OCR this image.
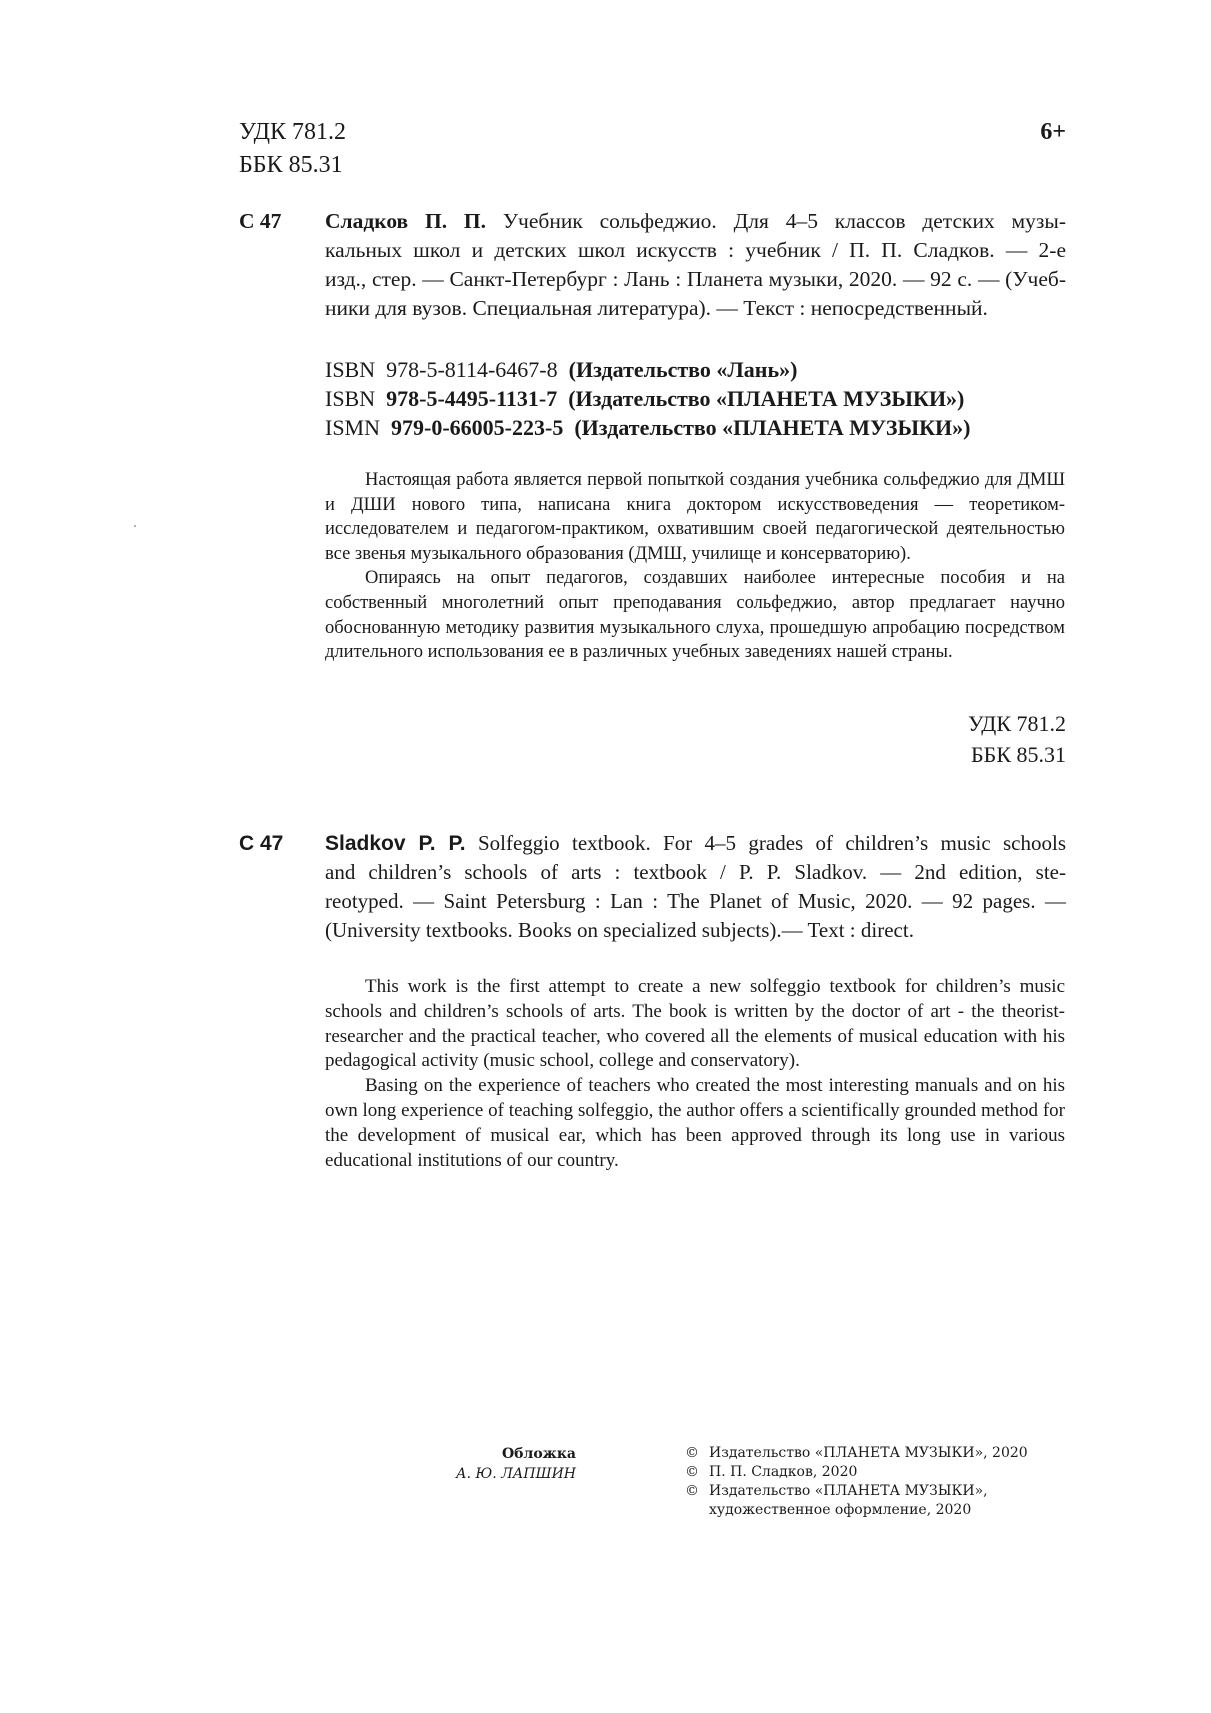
УДК 781.2
ББК 85.31
6+
С 47 Сладков П. П. Учебник сольфеджио. Для 4–5 классов детских музы-
кальных школ и детских школ искусств : учебник / П. П. Сладков. — 2-е
изд., стер. — Санкт-Петербург : Лань : Планета музыки, 2020. — 92 с. — (Учеб-
ники для вузов. Специальная литература). — Текст : непосредственный.
ISBN 978-5-8114-6467-8 (Издательство «Лань»)
ISBN 978-5-4495-1131-7 (Издательство «ПЛАНЕТА МУЗЫКИ»)
ISMN 979-0-66005-223-5 (Издательство «ПЛАНЕТА МУЗЫКИ»)

Настоящая работа является первой попыткой создания учебника сольфеджио для ДМШ и ДШИ нового типа, написана книга доктором искусствоведения — теоретиком-исследователем и педагогом-практиком, охватившим своей педагогической деятельностью все звенья музыкального образования (ДМШ, училище и консерваторию).

Опираясь на опыт педагогов, создавших наиболее интересные пособия и на собственный многолетний опыт преподавания сольфеджио, автор предлагает научно обоснованную методику развития музыкального слуха, прошедшую апробацию посредством длительного использования ее в различных учебных заведениях нашей страны.

УДК 781.2
ББК 85.31
С 47 Sladkov P. P. Solfeggio textbook. For 4–5 grades of children’s music schools
and children’s schools of arts : textbook / P. P. Sladkov. — 2nd edition, ste-
reotyped. — Saint Petersburg : Lan : The Planet of Music, 2020. — 92 pages. —
(University textbooks. Books on specialized subjects).— Text : direct.

This work is the first attempt to create a new solfeggio textbook for children’s music schools and children’s schools of arts. The book is written by the doctor of art - the theorist-researcher and the practical teacher, who covered all the elements of musical education with his pedagogical activity (music school, college and conservatory).

Basing on the experience of teachers who created the most interesting manuals and on his own long experience of teaching solfeggio, the author offers a scientifically grounded method for the development of musical ear, which has been approved through its long use in various educational institutions of our country.

Обложка
А. Ю. ЛАПШИН
© Издательство «ПЛАНЕТА МУЗЫКИ», 2020
© П. П. Сладков, 2020
© Издательство «ПЛАНЕТА МУЗЫКИ»,
художественное оформление, 2020
